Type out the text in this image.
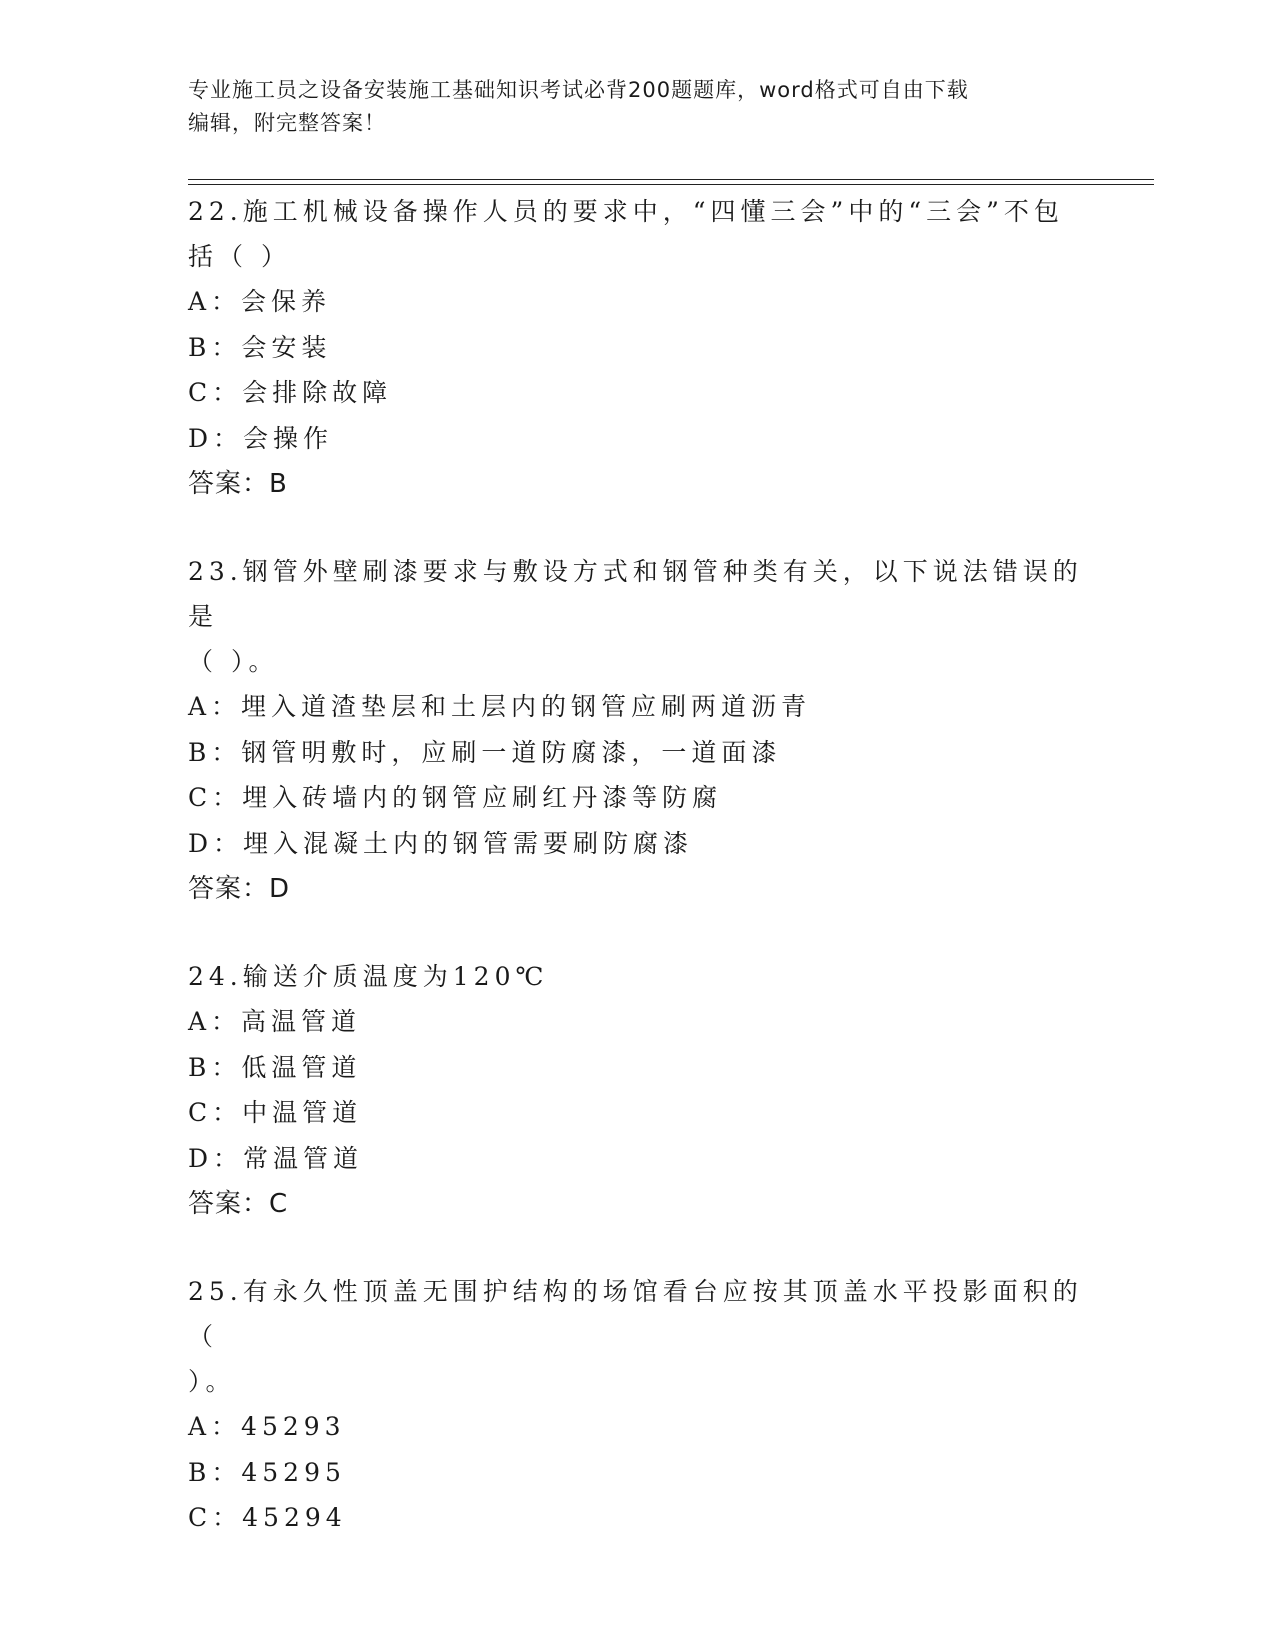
专业施工员之设备安装施工基础知识考试必背200题题库，word格式可自由下载
编辑，附完整答案！
22.施工机械设备操作人员的要求中，“四懂三会”中的“三会”不包
括（ ）
A：会保养
B：会安装
C：会排除故障
D：会操作
答案：B
23.钢管外壁刷漆要求与敷设方式和钢管种类有关，以下说法错误的是
（ ）。
A：埋入道渣垫层和土层内的钢管应刷两道沥青
B：钢管明敷时，应刷一道防腐漆，一道面漆
C：埋入砖墙内的钢管应刷红丹漆等防腐
D：埋入混凝土内的钢管需要刷防腐漆
答案：D
24.输送介质温度为120℃
A：高温管道
B：低温管道
C：中温管道
D：常温管道
答案：C
25.有永久性顶盖无围护结构的场馆看台应按其顶盖水平投影面积的（
）。
A：45293
B：45295
C：45294
